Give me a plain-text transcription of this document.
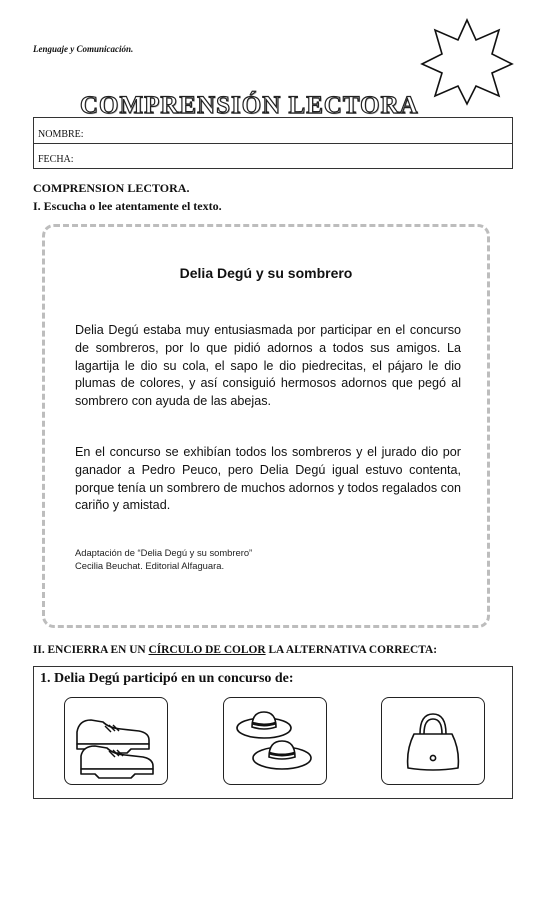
Lenguaje y Comunicación.
COMPRENSIÓN LECTORA
NOMBRE:
FECHA:
COMPRENSION LECTORA.
I. Escucha o lee atentamente el texto.
Delia Degú y su sombrero
Delia Degú estaba muy entusiasmada por participar en el concurso de sombreros, por lo que pidió adornos a todos sus amigos. La lagartija le dio su cola, el sapo le dio piedrecitas, el pájaro le dio plumas de colores, y así consiguió hermosos adornos que pegó al sombrero con ayuda de las abejas.
En el concurso se exhibían todos los sombreros y el jurado dio por ganador a Pedro Peuco, pero Delia Degú igual estuvo contenta, porque tenía un sombrero de muchos adornos y todos regalados con cariño y amistad.
Adaptación de “Delia Degú y su sombrero”
Cecilia Beuchat. Editorial Alfaguara.
II. ENCIERRA EN UN CÍRCULO DE COLOR LA ALTERNATIVA CORRECTA:
1. Delia Degú participó en un concurso de:
